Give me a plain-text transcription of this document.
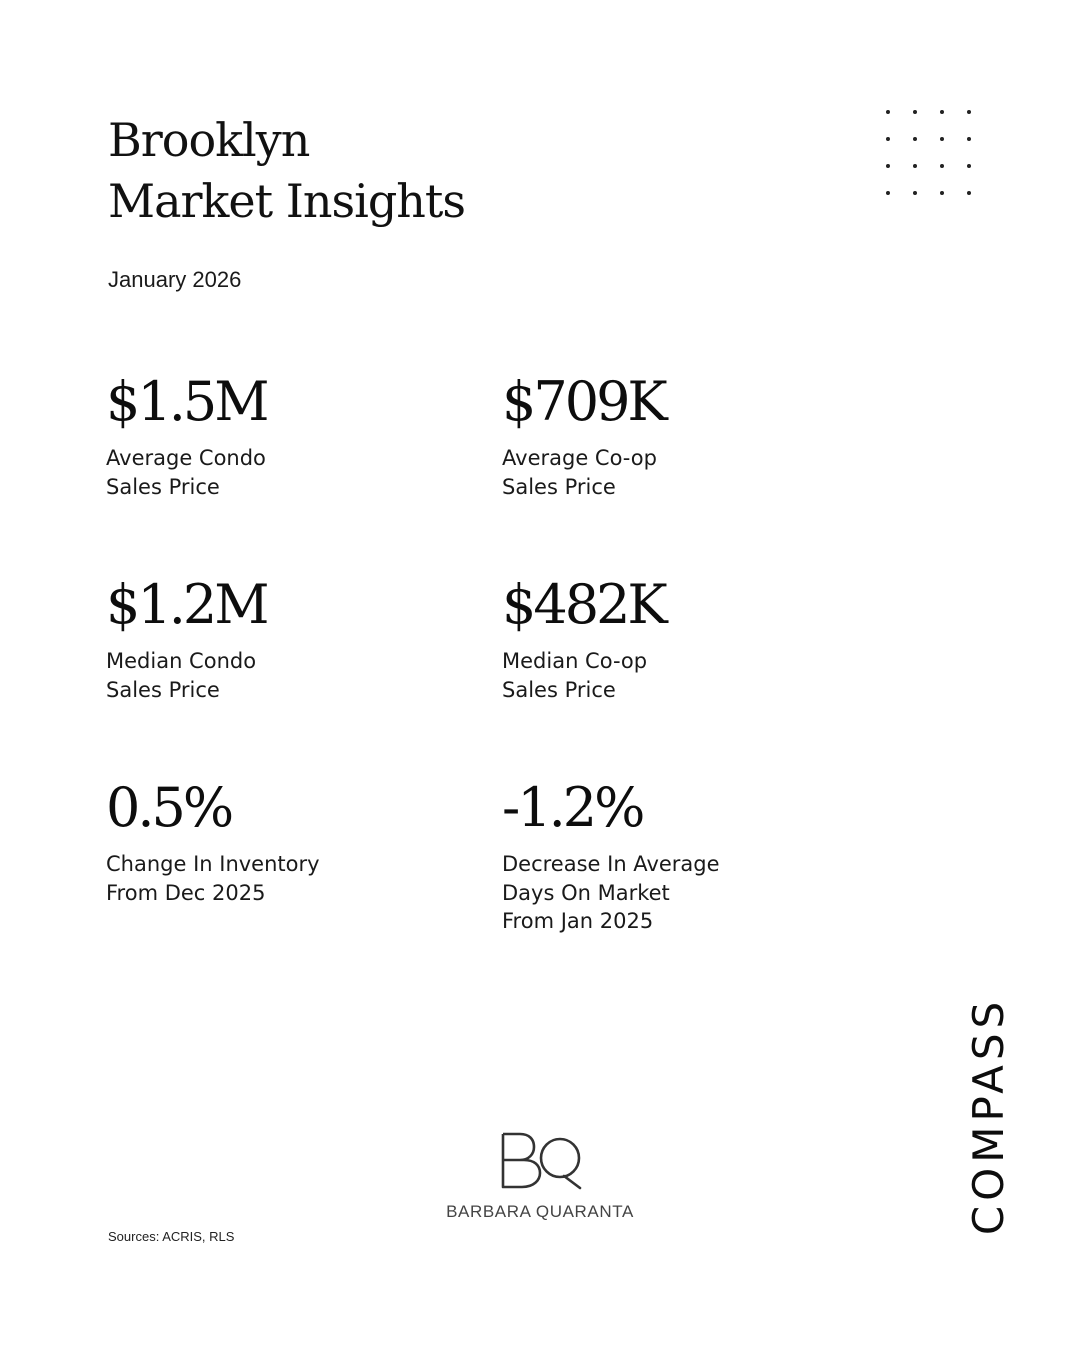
Brooklyn
Market Insights
January 2026
$1.5M
Average Condo
Sales Price
$709K
Average Co-op
Sales Price
$1.2M
Median Condo
Sales Price
$482K
Median Co-op
Sales Price
0.5%
Change In Inventory
From Dec 2025
-1.2%
Decrease In Average
Days On Market
From Jan 2025
BARBARA QUARANTA	COMPASS
Sources: ACRIS, RLS
